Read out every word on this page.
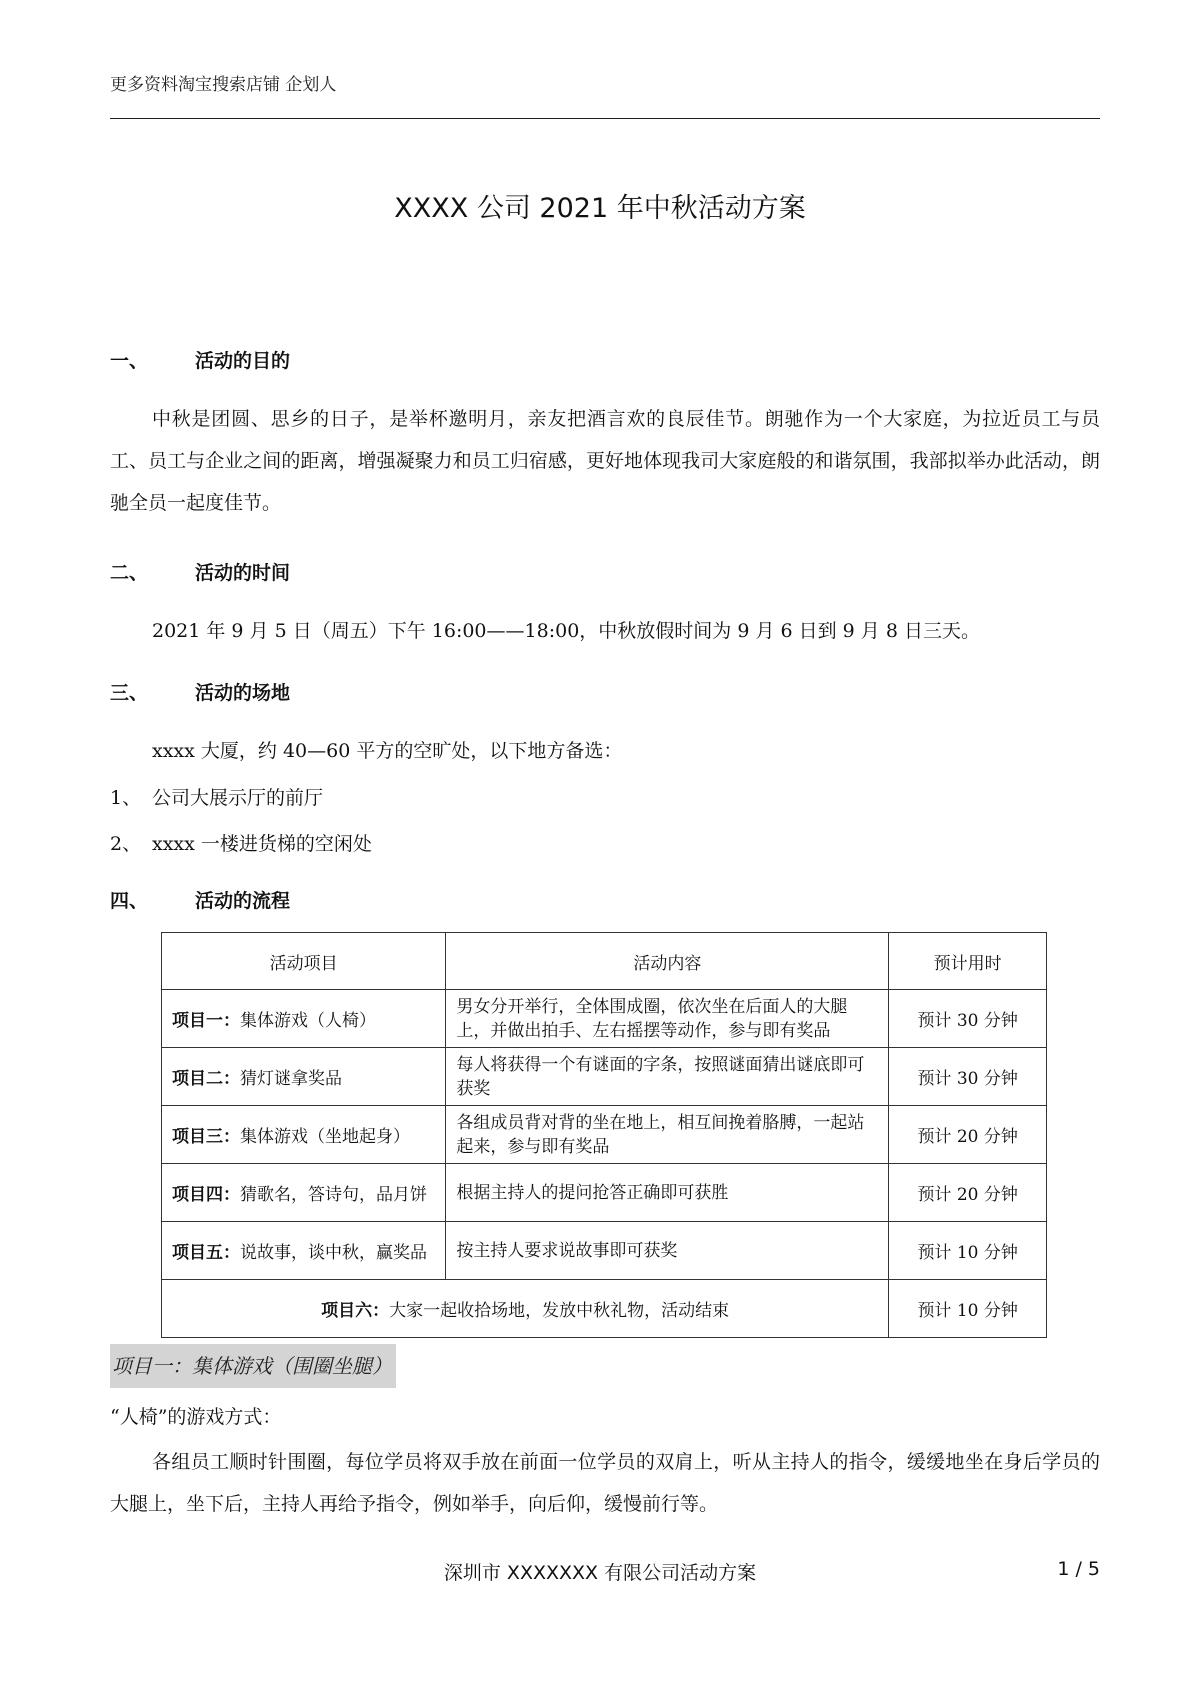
更多资料淘宝搜索店铺 企划人
XXXX 公司 2021 年中秋活动方案
一、 活动的目的
中秋是团圆、思乡的日子，是举杯邀明月，亲友把酒言欢的良辰佳节。朗驰作为一个大家庭，为拉近员工与员工、员工与企业之间的距离，增强凝聚力和员工归宿感，更好地体现我司大家庭般的和谐氛围，我部拟举办此活动，朗驰全员一起度佳节。
二、 活动的时间
2021 年 9 月 5 日（周五）下午 16:00——18:00，中秋放假时间为 9 月 6 日到 9 月 8 日三天。
三、 活动的场地
xxxx 大厦，约 40—60 平方的空旷处，以下地方备选：
1、 公司大展示厅的前厅
2、 xxxx 一楼进货梯的空闲处
四、 活动的流程
活动项目	活动内容	预计用时
项目一：集体游戏（人椅）	男女分开举行，全体围成圈，依次坐在后面人的大腿上，并做出拍手、左右摇摆等动作，参与即有奖品	预计 30 分钟
项目二：猜灯谜拿奖品	每人将获得一个有谜面的字条，按照谜面猜出谜底即可获奖	预计 30 分钟
项目三：集体游戏（坐地起身）	各组成员背对背的坐在地上，相互间挽着胳膊，一起站起来，参与即有奖品	预计 20 分钟
项目四：猜歌名，答诗句，品月饼	根据主持人的提问抢答正确即可获胜	预计 20 分钟
项目五：说故事，谈中秋，赢奖品	按主持人要求说故事即可获奖	预计 10 分钟
项目六：大家一起收拾场地，发放中秋礼物，活动结束		预计 10 分钟
项目一：集体游戏（围圈坐腿）
“人椅”的游戏方式：
各组员工顺时针围圈，每位学员将双手放在前面一位学员的双肩上，听从主持人的指令，缓缓地坐在身后学员的大腿上，坐下后，主持人再给予指令，例如举手，向后仰，缓慢前行等。
深圳市 XXXXXXX 有限公司活动方案	1 / 5
